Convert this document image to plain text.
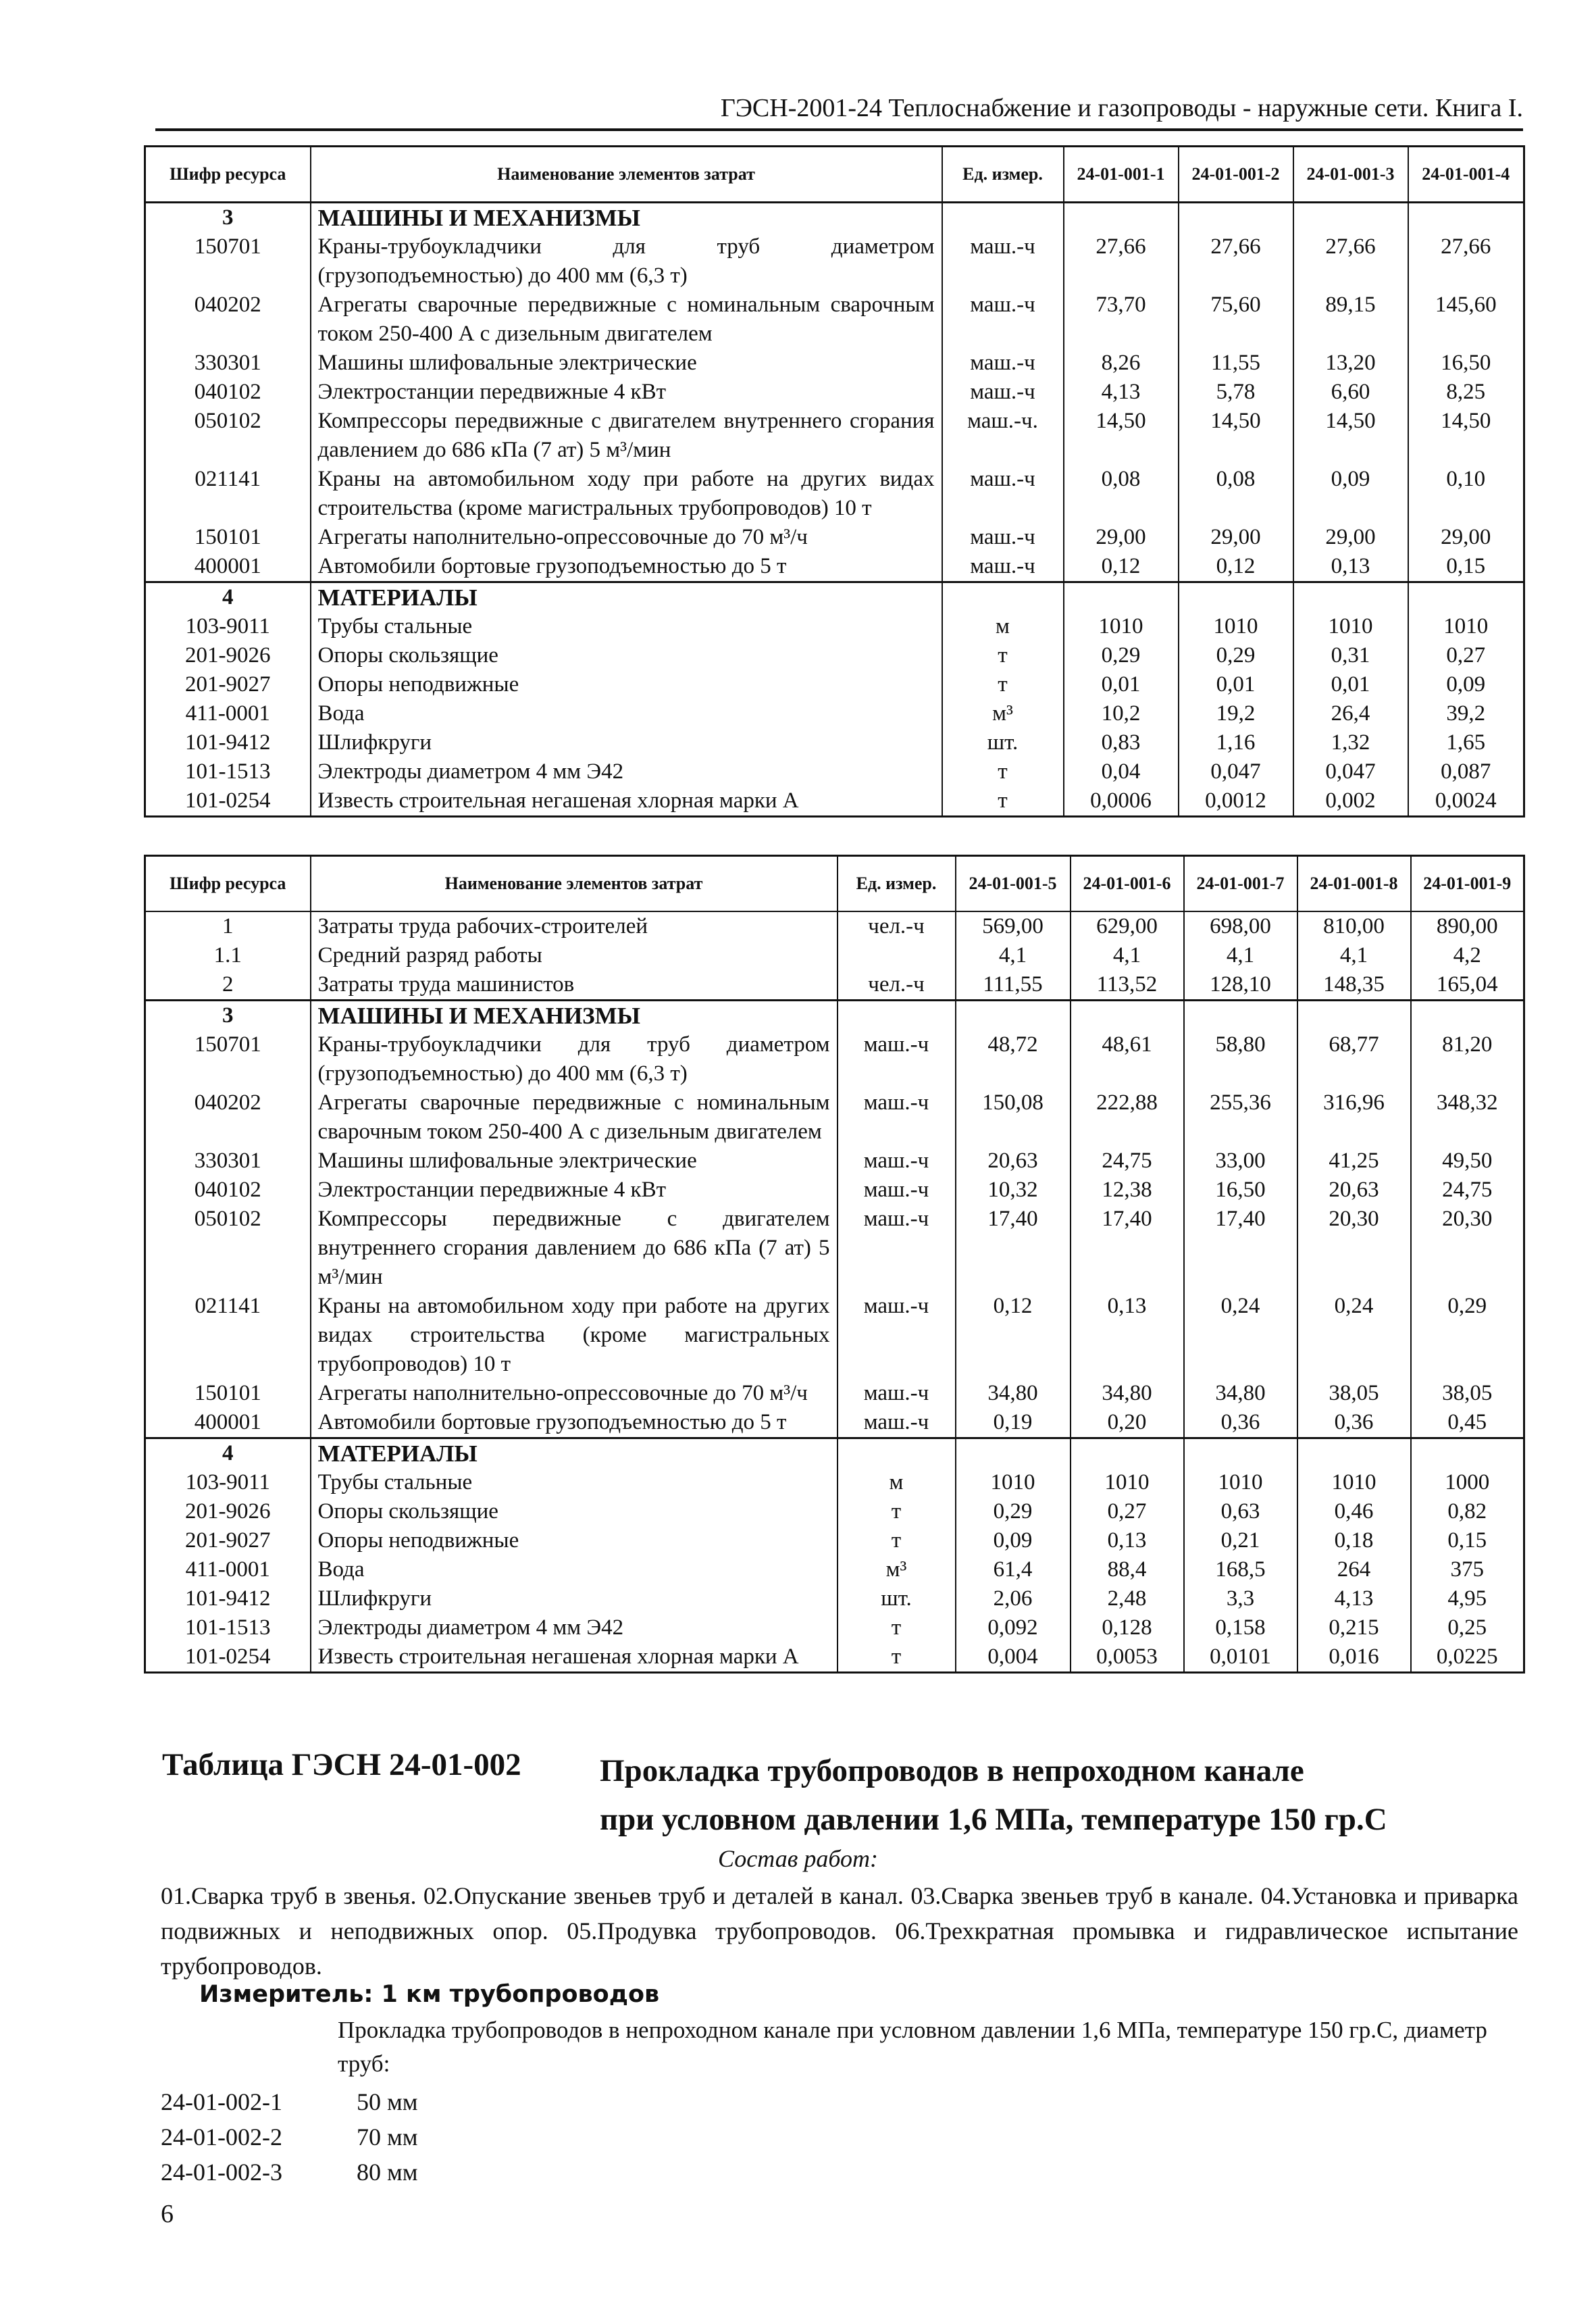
ГЭСН-2001-24 Теплоснабжение и газопроводы - наружные сети. Книга I.
Шифр ресурса	Наименование элементов затрат	Ед. измер.	24-01-001-1	24-01-001-2	24-01-001-3	24-01-001-4
3	МАШИНЫ И МЕХАНИЗМЫ					
150701	Краны-трубоукладчики для труб диаметром (грузоподъемностью) до 400 мм (6,3 т)	маш.-ч	27,66	27,66	27,66	27,66
040202	Агрегаты сварочные передвижные с номинальным сварочным током 250-400 А с дизельным двигателем	маш.-ч	73,70	75,60	89,15	145,60
330301	Машины шлифовальные электрические	маш.-ч	8,26	11,55	13,20	16,50
040102	Электростанции передвижные 4 кВт	маш.-ч	4,13	5,78	6,60	8,25
050102	Компрессоры передвижные с двигателем внутреннего сгорания давлением до 686 кПа (7 ат) 5 м³/мин	маш.-ч.	14,50	14,50	14,50	14,50
021141	Краны на автомобильном ходу при работе на других видах строительства (кроме магистральных трубопроводов) 10 т	маш.-ч	0,08	0,08	0,09	0,10
150101	Агрегаты наполнительно-опрессовочные до 70 м³/ч	маш.-ч	29,00	29,00	29,00	29,00
400001	Автомобили бортовые грузоподъемностью до 5 т	маш.-ч	0,12	0,12	0,13	0,15
4	МАТЕРИАЛЫ					
103-9011	Трубы стальные	м	1010	1010	1010	1010
201-9026	Опоры скользящие	т	0,29	0,29	0,31	0,27
201-9027	Опоры неподвижные	т	0,01	0,01	0,01	0,09
411-0001	Вода	м³	10,2	19,2	26,4	39,2
101-9412	Шлифкруги	шт.	0,83	1,16	1,32	1,65
101-1513	Электроды диаметром 4 мм Э42	т	0,04	0,047	0,047	0,087
101-0254	Известь строительная негашеная хлорная марки А	т	0,0006	0,0012	0,002	0,0024
Шифр ресурса	Наименование элементов затрат	Ед. измер.	24-01-001-5	24-01-001-6	24-01-001-7	24-01-001-8	24-01-001-9
1	Затраты труда рабочих-строителей	чел.-ч	569,00	629,00	698,00	810,00	890,00
1.1	Средний разряд работы		4,1	4,1	4,1	4,1	4,2
2	Затраты труда машинистов	чел.-ч	111,55	113,52	128,10	148,35	165,04
3	МАШИНЫ И МЕХАНИЗМЫ						
150701	Краны-трубоукладчики для труб диаметром (грузоподъемностью) до 400 мм (6,3 т)	маш.-ч	48,72	48,61	58,80	68,77	81,20
040202	Агрегаты сварочные передвижные с номинальным сварочным током 250-400 А с дизельным двигателем	маш.-ч	150,08	222,88	255,36	316,96	348,32
330301	Машины шлифовальные электрические	маш.-ч	20,63	24,75	33,00	41,25	49,50
040102	Электростанции передвижные 4 кВт	маш.-ч	10,32	12,38	16,50	20,63	24,75
050102	Компрессоры передвижные с двигателем внутреннего сгорания давлением до 686 кПа (7 ат) 5 м³/мин	маш.-ч	17,40	17,40	17,40	20,30	20,30
021141	Краны на автомобильном ходу при работе на других видах строительства (кроме магистральных трубопроводов) 10 т	маш.-ч	0,12	0,13	0,24	0,24	0,29
150101	Агрегаты наполнительно-опрессовочные до 70 м³/ч	маш.-ч	34,80	34,80	34,80	38,05	38,05
400001	Автомобили бортовые грузоподъемностью до 5 т	маш.-ч	0,19	0,20	0,36	0,36	0,45
4	МАТЕРИАЛЫ						
103-9011	Трубы стальные	м	1010	1010	1010	1010	1000
201-9026	Опоры скользящие	т	0,29	0,27	0,63	0,46	0,82
201-9027	Опоры неподвижные	т	0,09	0,13	0,21	0,18	0,15
411-0001	Вода	м³	61,4	88,4	168,5	264	375
101-9412	Шлифкруги	шт.	2,06	2,48	3,3	4,13	4,95
101-1513	Электроды диаметром 4 мм Э42	т	0,092	0,128	0,158	0,215	0,25
101-0254	Известь строительная негашеная хлорная марки А	т	0,004	0,0053	0,0101	0,016	0,0225
Таблица ГЭСН 24-01-002 Прокладка трубопроводов в непроходном канале
при условном давлении 1,6 МПа, температуре 150 гр.С
Состав работ:
01.Сварка труб в звенья. 02.Опускание звеньев труб и деталей в канал. 03.Сварка звеньев труб в канале. 04.Установка и приварка подвижных и неподвижных опор. 05.Продувка трубопроводов. 06.Трехкратная промывка и гидравлическое испытание трубопроводов.
Измеритель: 1 км трубопроводов
Прокладка трубопроводов в непроходном канале при условном давлении 1,6 МПа, температуре 150 гр.С, диаметр труб:
24-01-002-1	50 мм
24-01-002-2	70 мм
24-01-002-3	80 мм
6
